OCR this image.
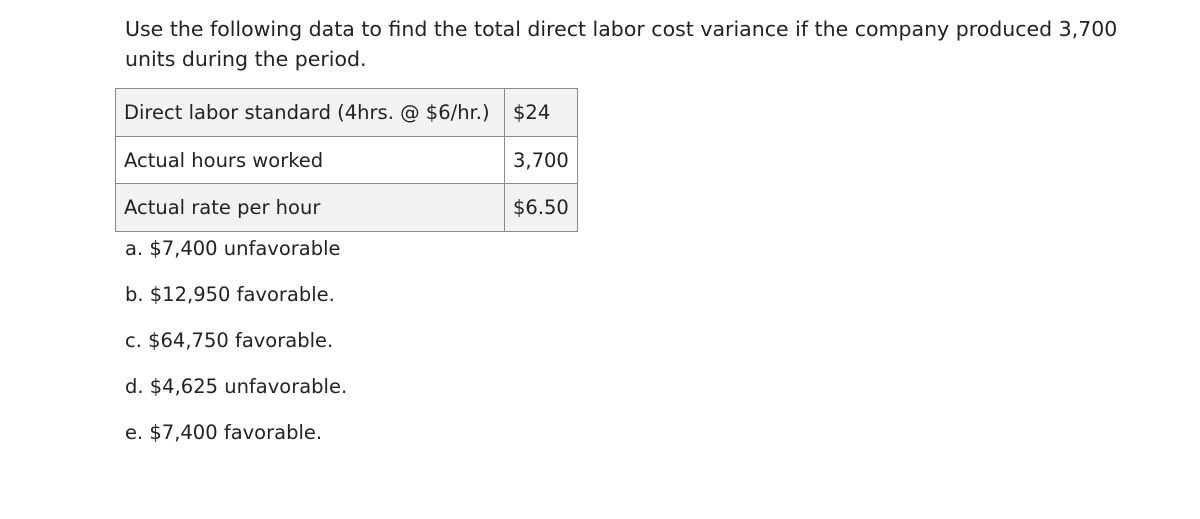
Use the following data to find the total direct labor cost variance if the company produced 3,700
units during the period.

Direct labor standard (4hrs. @ $6/hr.)	$24
Actual hours worked	3,700
Actual rate per hour	$6.50
a. $7,400 unfavorable
b. $12,950 favorable.
c. $64,750 favorable.
d. $4,625 unfavorable.
e. $7,400 favorable.
